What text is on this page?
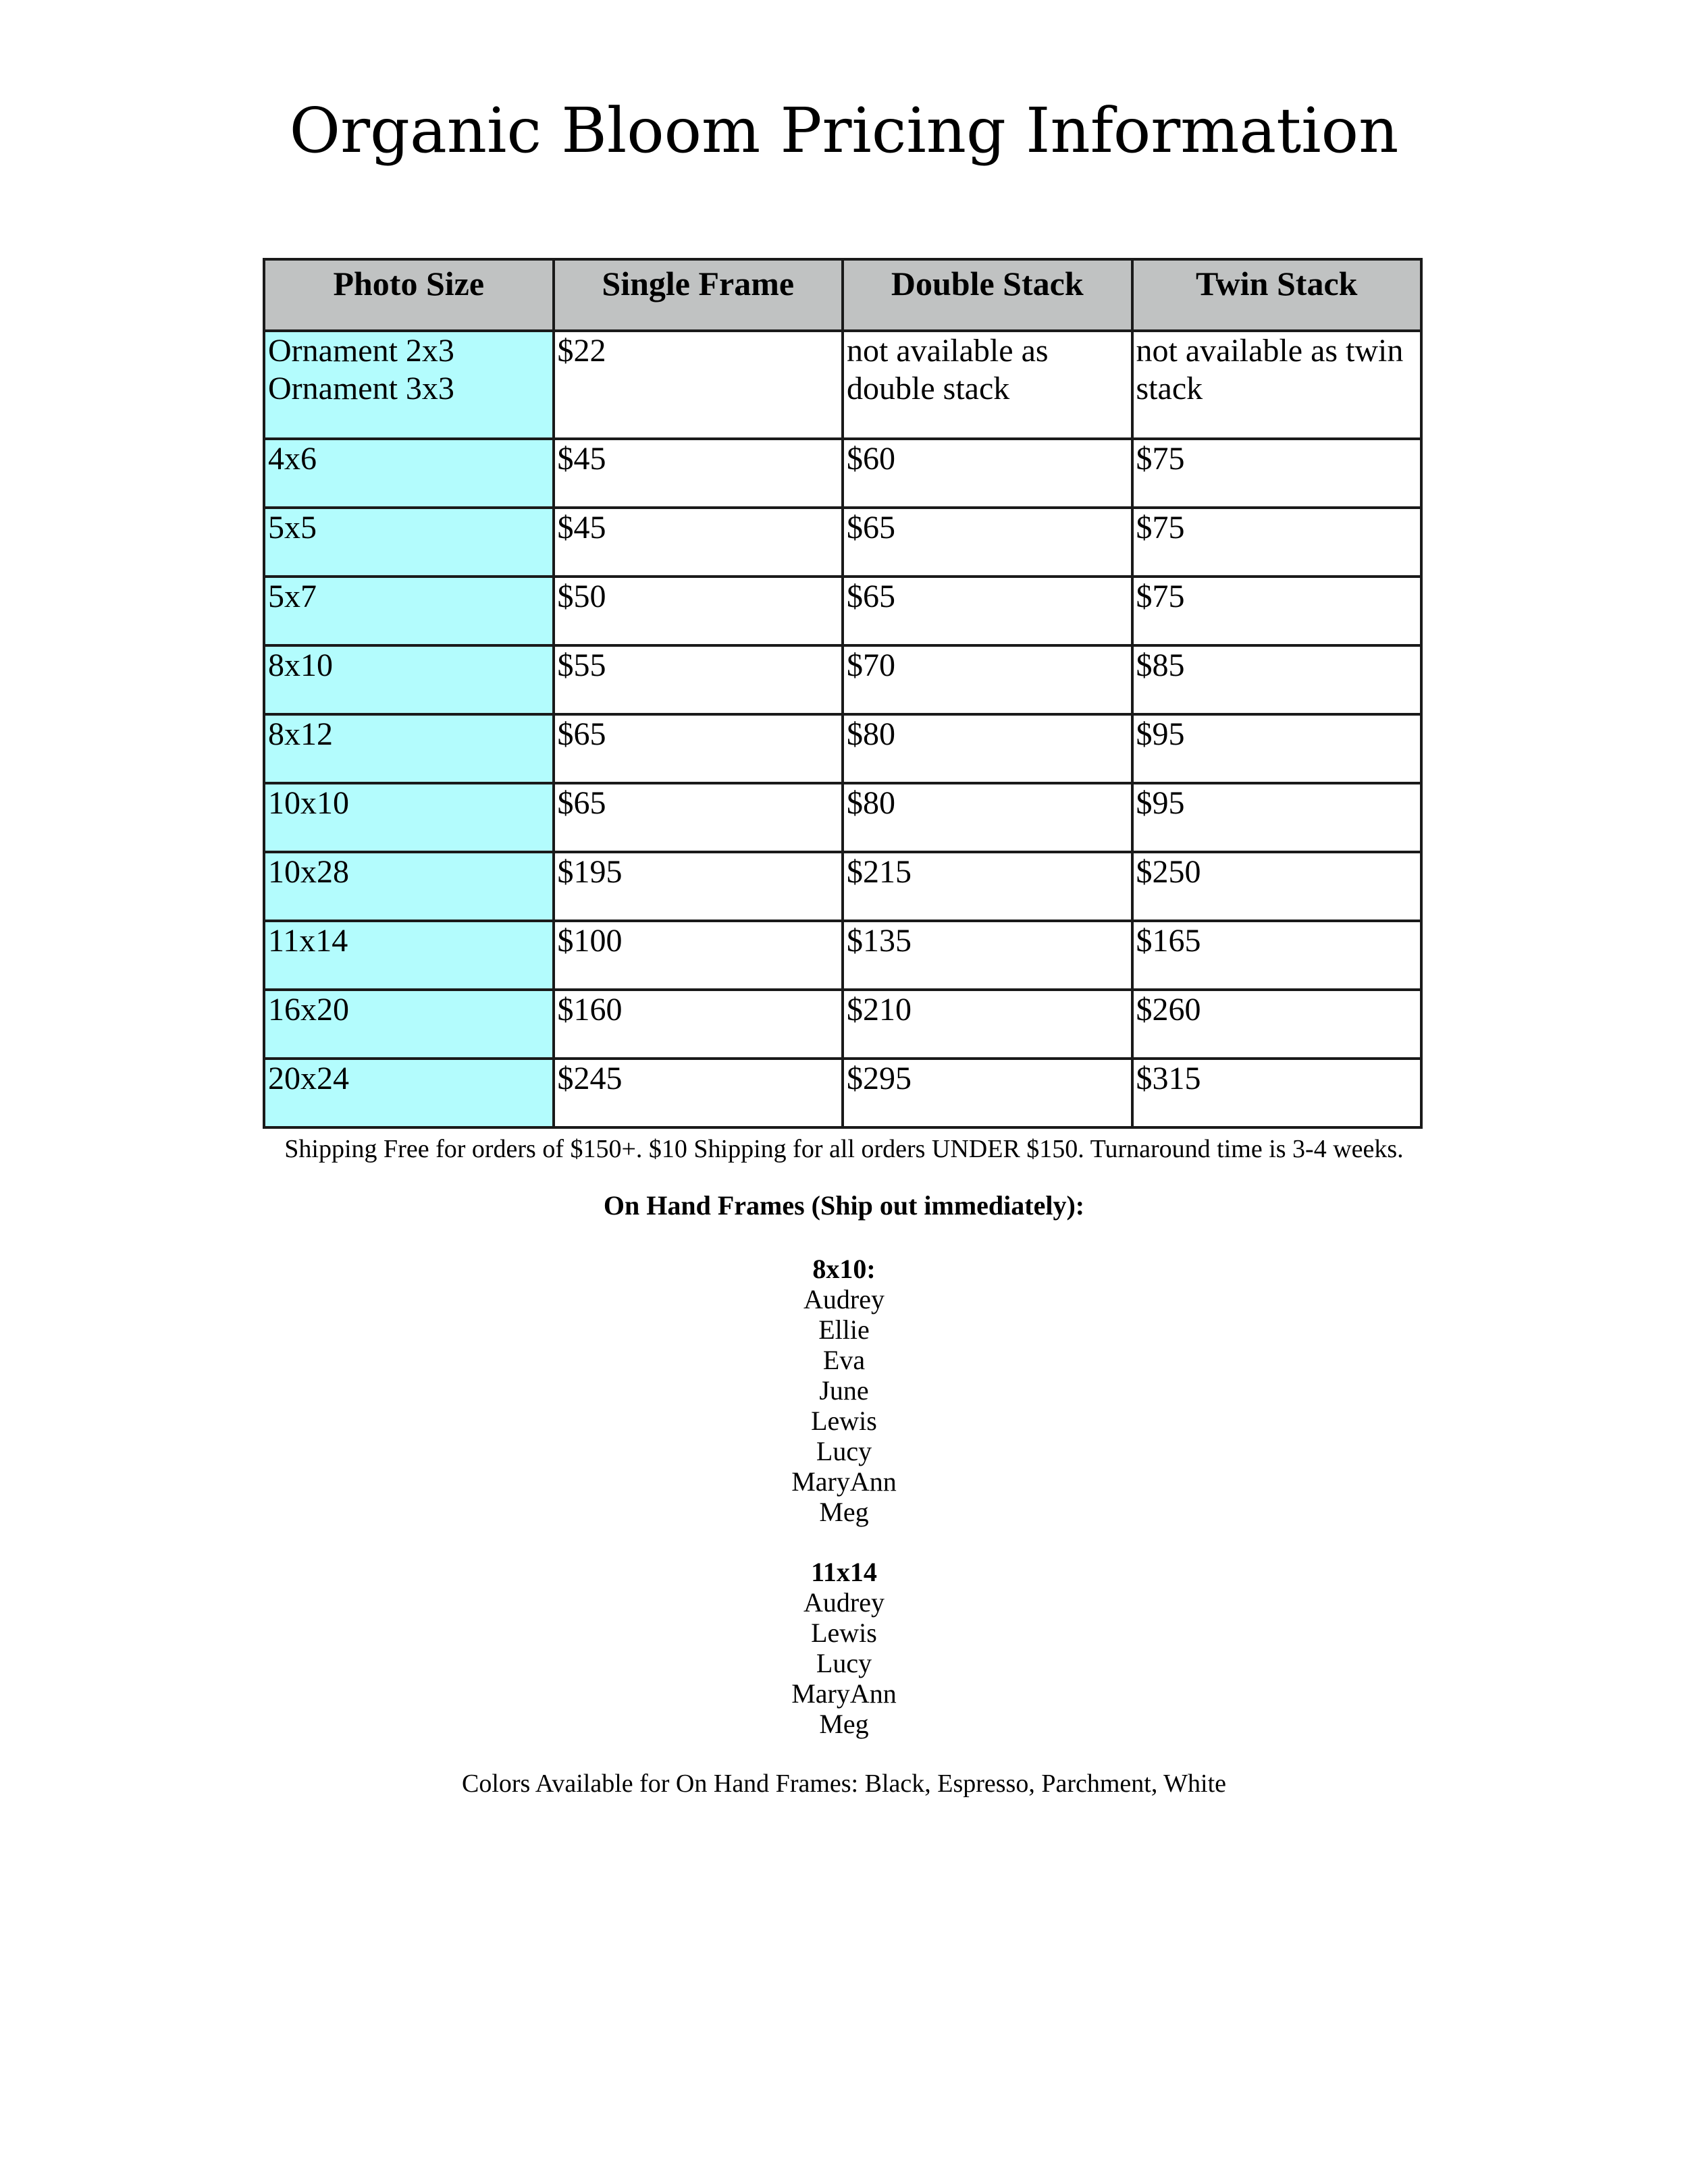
Organic Bloom Pricing Information
Photo Size	Single Frame	Double Stack	Twin Stack

Ornament 2x3
Ornament 3x3	$22	not available as double stack	not available as twin stack
4x6	$45	$60	$75
5x5	$45	$65	$75
5x7	$50	$65	$75
8x10	$55	$70	$85
8x12	$65	$80	$95
10x10	$65	$80	$95
10x28	$195	$215	$250
11x14	$100	$135	$165
16x20	$160	$210	$260
20x24	$245	$295	$315
Shipping Free for orders of $150+. $10 Shipping for all orders UNDER $150. Turnaround time is 3-4 weeks.
On Hand Frames (Ship out immediately):
8x10:
Audrey
Ellie
Eva
June
Lewis
Lucy
MaryAnn
Meg
11x14
Audrey
Lewis
Lucy
MaryAnn
Meg
Colors Available for On Hand Frames: Black, Espresso, Parchment, White
